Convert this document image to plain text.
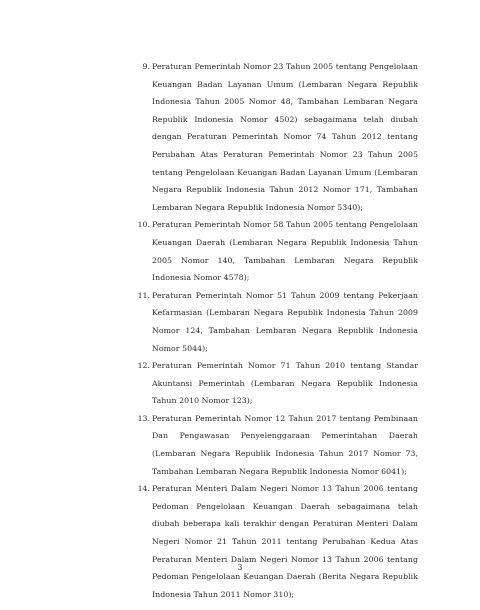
9. Peraturan Pemerintah Nomor 23 Tahun 2005 tentang Pengelolaan Keuangan Badan Layanan Umum (Lembaran Negara Republik Indonesia Tahun 2005 Nomor 48, Tambahan Lembaran Negara Republik Indonesia Nomor 4502) sebagaimana telah diubah dengan Peraturan Pemerintah Nomor 74 Tahun 2012 tentang Perubahan Atas Peraturan Pemerintah Nomor 23 Tahun 2005 tentang Pengelolaan Keuangan Badan Layanan Umum (Lembaran Negara Republik Indonesia Tahun 2012 Nomor 171, Tambahan Lembaran Negara Republik Indonesia Nomor 5340);
10. Peraturan Pemerintah Nomor 58 Tahun 2005 tentang Pengelolaan Keuangan Daerah (Lembaran Negara Republik Indonesia Tahun 2005 Nomor 140, Tambahan Lembaran Negara Republik Indonesia Nomor 4578);
11. Peraturan Pemerintah Nomor 51 Tahun 2009 tentang Pekerjaan Kefarmasian (Lembaran Negara Republik Indonesia Tahun 2009 Nomor 124, Tambahan Lembaran Negara Republik Indonesia Nomor 5044);
12. Peraturan Pemerintah Nomor 71 Tahun 2010 tentang Standar Akuntansi Pemerintah (Lembaran Negara Republik Indonesia Tahun 2010 Nomor 123);
13. Peraturan Pemerintah Nomor 12 Tahun 2017 tentang Pembinaan Dan Pengawasan Penyelenggaraan Pemerintahan Daerah (Lembaran Negara Republik Indonesia Tahun 2017 Nomor 73, Tambahan Lembaran Negara Republik Indonesia Nomor 6041);
14. Peraturan Menteri Dalam Negeri Nomor 13 Tahun 2006 tentang Pedoman Pengelolaan Keuangan Daerah sebagaimana telah diubah beberapa kali terakhir dengan Peraturan Menteri Dalam Negeri Nomor 21 Tahun 2011 tentang Perubahan Kedua Atas Peraturan Menteri Dalam Negeri Nomor 13 Tahun 2006 tentang Pedoman Pengelolaan Keuangan Daerah (Berita Negara Republik Indonesia Tahun 2011 Nomor 310);
3
